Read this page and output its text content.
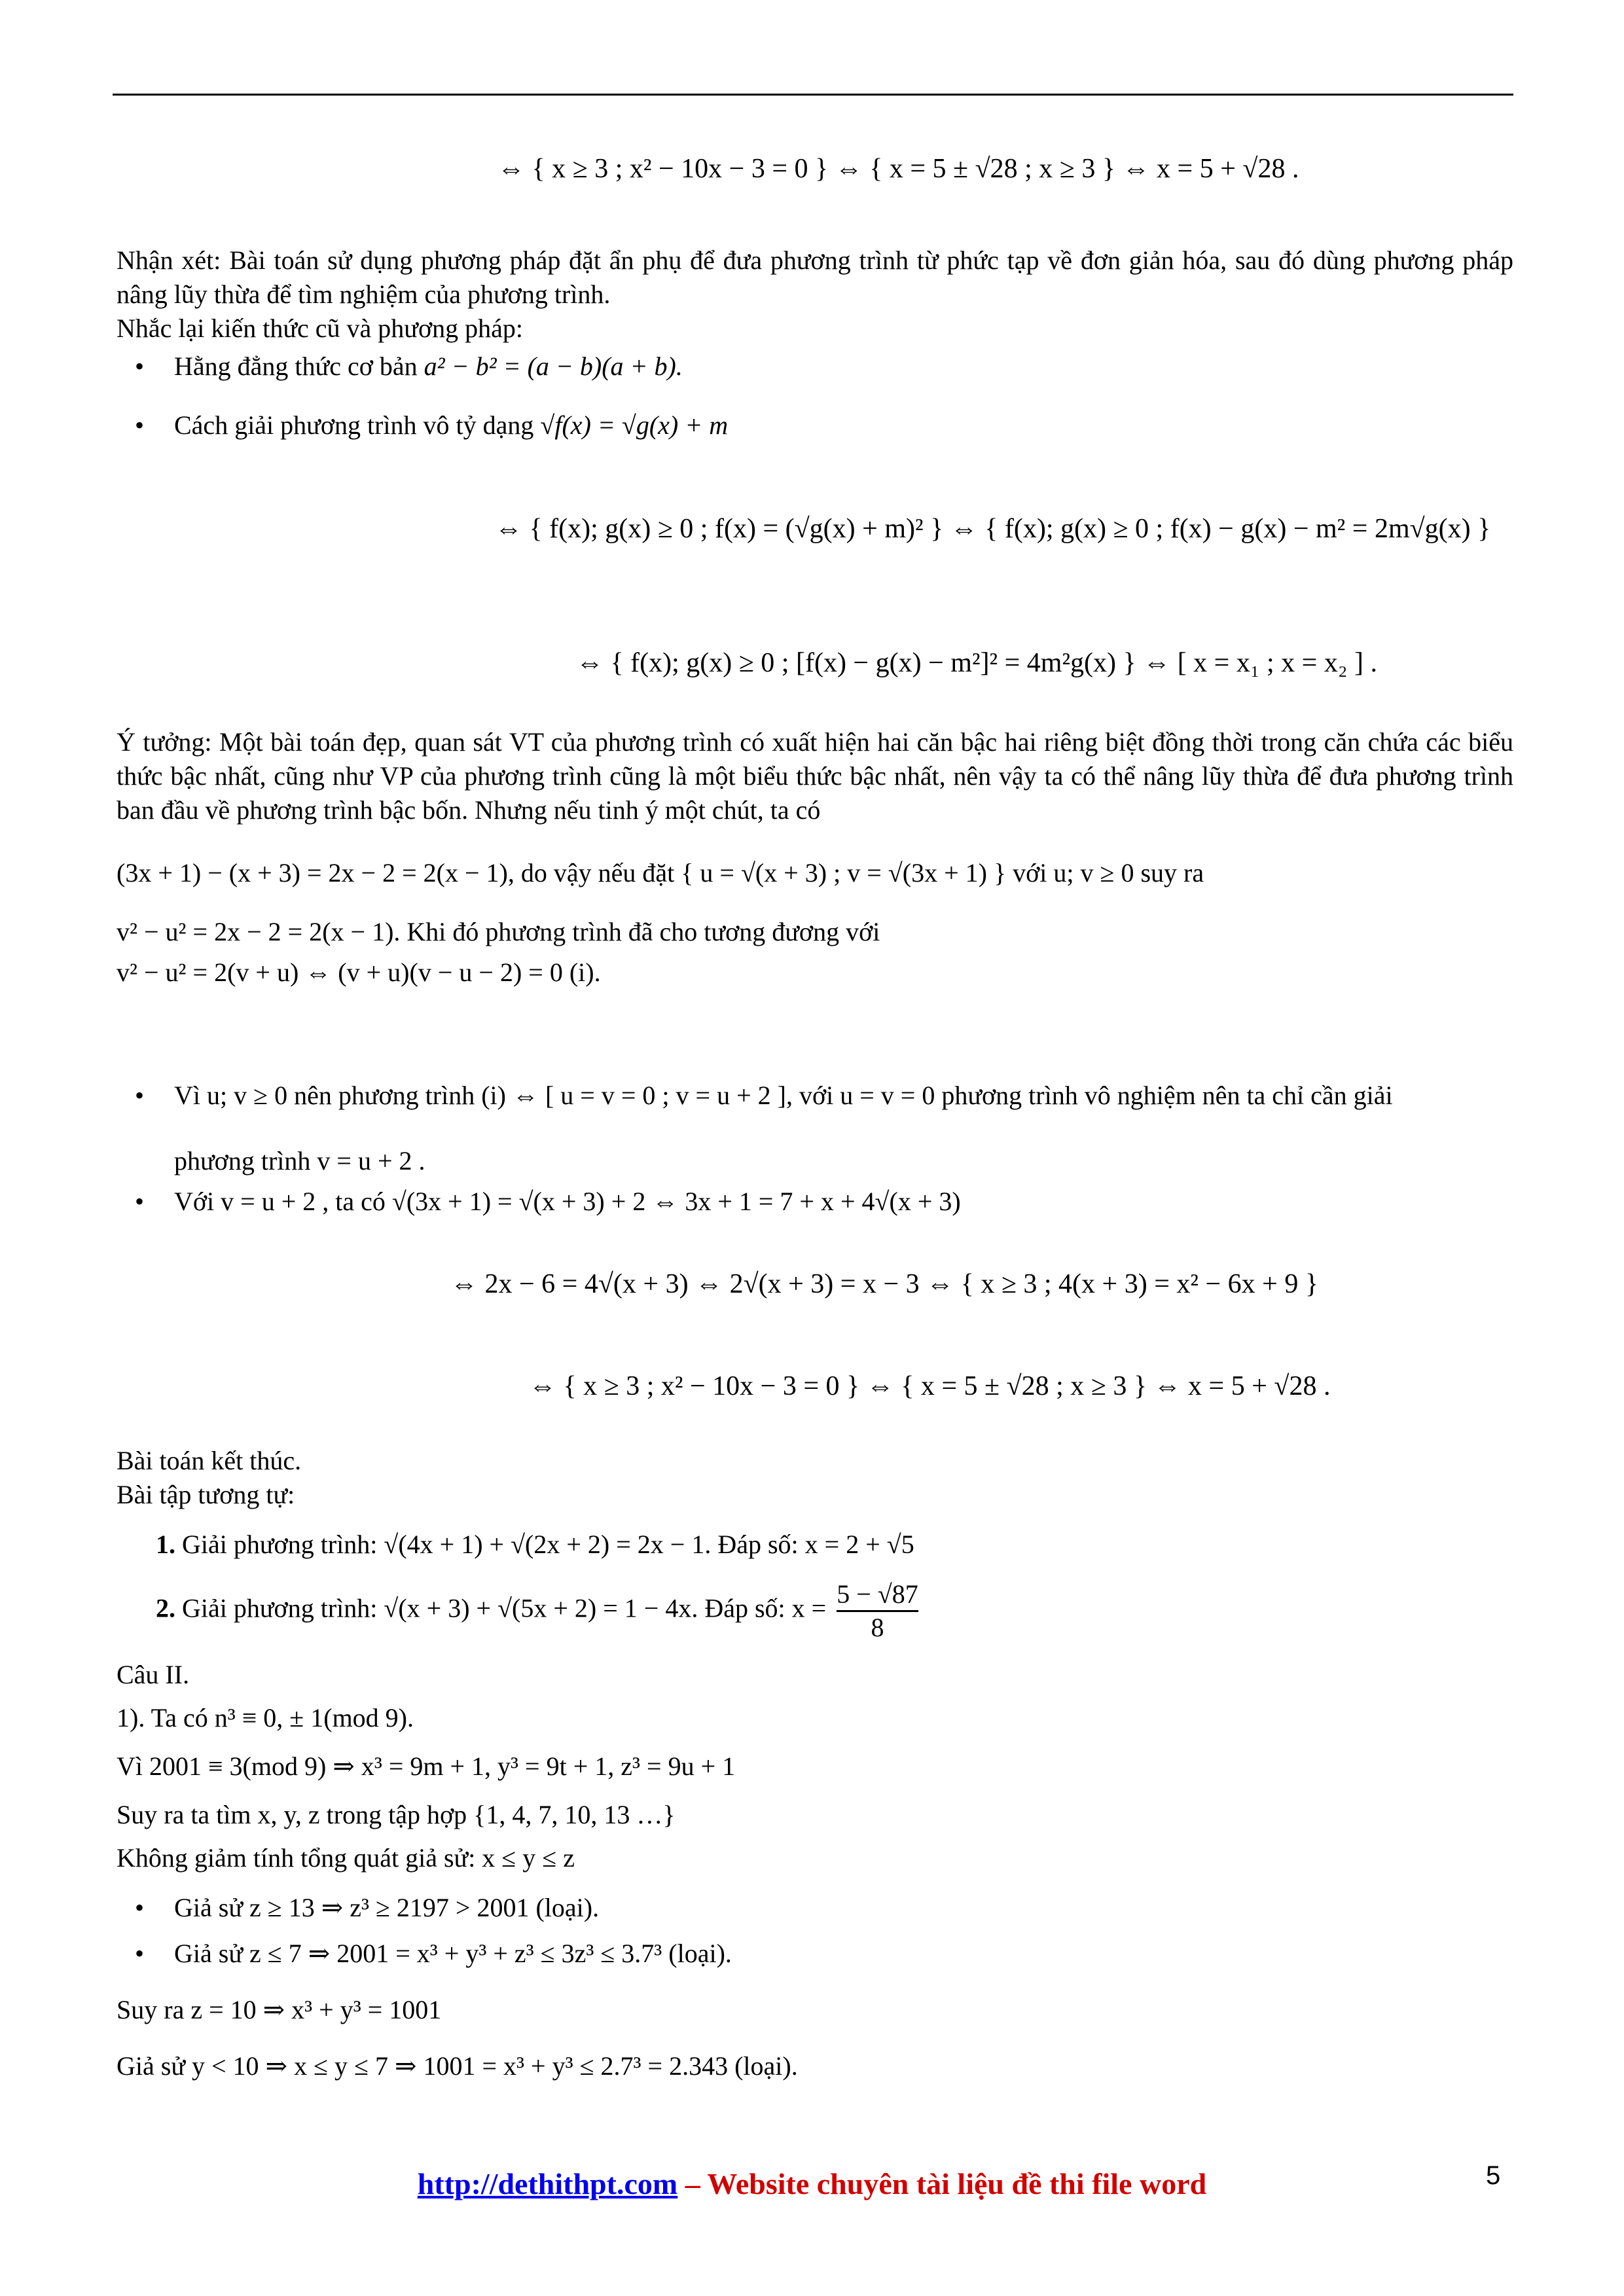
⇔ { x ≥ 3 ; x² − 10x − 3 = 0 } ⇔ { x = 5 ± √28 ; x ≥ 3 } ⇔ x = 5 + √28 .

Nhận xét: Bài toán sử dụng phương pháp đặt ẩn phụ để đưa phương trình từ phức tạp về đơn giản hóa, sau đó dùng phương pháp nâng lũy thừa để tìm nghiệm của phương trình.

Nhắc lại kiến thức cũ và phương pháp:

• Hằng đẳng thức cơ bản a² − b² = (a − b)(a + b).
• Cách giải phương trình vô tỷ dạng √f(x) = √g(x) + m
⇔ { f(x); g(x) ≥ 0 ; f(x) = (√g(x) + m)² } ⇔ { f(x); g(x) ≥ 0 ; f(x) − g(x) − m² = 2m√g(x) }
⇔ { f(x); g(x) ≥ 0 ; [f(x) − g(x) − m²]² = 4m²g(x) } ⇔ [ x = x₁ ; x = x₂ ] .

Ý tưởng: Một bài toán đẹp, quan sát VT của phương trình có xuất hiện hai căn bậc hai riêng biệt đồng thời trong căn chứa các biểu thức bậc nhất, cũng như VP của phương trình cũng là một biểu thức bậc nhất, nên vậy ta có thể nâng lũy thừa để đưa phương trình ban đầu về phương trình bậc bốn. Nhưng nếu tinh ý một chút, ta có

(3x + 1) − (x + 3) = 2x − 2 = 2(x − 1), do vậy nếu đặt { u = √(x + 3) ; v = √(3x + 1) } với u; v ≥ 0 suy ra

v² − u² = 2x − 2 = 2(x − 1). Khi đó phương trình đã cho tương đương với

v² − u² = 2(v + u) ⇔ (v + u)(v − u − 2) = 0 (i).

• Vì u; v ≥ 0 nên phương trình (i) ⇔ [ u = v = 0 ; v = u + 2 ], với u = v = 0 phương trình vô nghiệm nên ta chỉ cần giải
phương trình v = u + 2 .
• Với v = u + 2 , ta có √(3x + 1) = √(x + 3) + 2 ⇔ 3x + 1 = 7 + x + 4√(x + 3)
⇔ 2x − 6 = 4√(x + 3) ⇔ 2√(x + 3) = x − 3 ⇔ { x ≥ 3 ; 4(x + 3) = x² − 6x + 9 }
⇔ { x ≥ 3 ; x² − 10x − 3 = 0 } ⇔ { x = 5 ± √28 ; x ≥ 3 } ⇔ x = 5 + √28 .

Bài toán kết thúc.

Bài tập tương tự:

1. Giải phương trình: √(4x + 1) + √(2x + 2) = 2x − 1. Đáp số: x = 2 + √5
2. Giải phương trình: √(x + 3) + √(5x + 2) = 1 − 4x. Đáp số: $x = \frac{5 - √87}{8}$

Câu II.

1). Ta có n³ ≡ 0, ± 1(mod 9).

Vì 2001 ≡ 3(mod 9) ⇒ x³ = 9m + 1, y³ = 9t + 1, z³ = 9u + 1

Suy ra ta tìm x, y, z trong tập hợp {1, 4, 7, 10, 13 …}

Không giảm tính tổng quát giả sử: x ≤ y ≤ z

• Giả sử z ≥ 13 ⇒ z³ ≥ 2197 > 2001 (loại).
• Giả sử z ≤ 7 ⇒ 2001 = x³ + y³ + z³ ≤ 3z³ ≤ 3.7³ (loại).

Suy ra z = 10 ⇒ x³ + y³ = 1001

Giả sử y < 10 ⇒ x ≤ y ≤ 7 ⇒ 1001 = x³ + y³ ≤ 2.7³ = 2.343 (loại).

http://dethithpt.com – Website chuyên tài liệu đề thi file word	5
